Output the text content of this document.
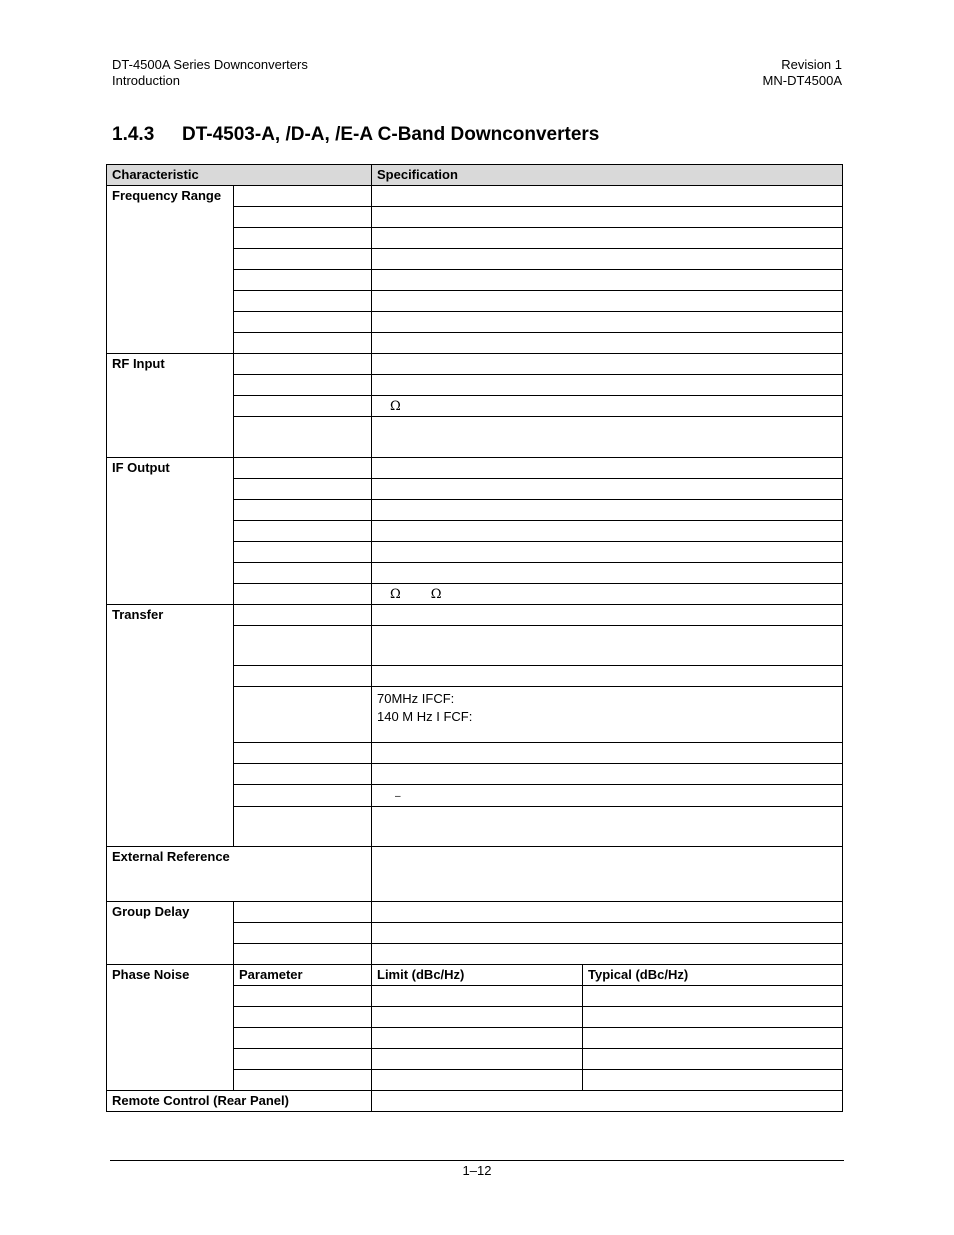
DT-4500A Series Downconverters
Introduction
Revision 1
MN-DT4500A
1.4.3 DT-4503-A, /D-A, /E-A C-Band Downconverters
Characteristic		Specification	
Frequency Range			

RF Input			

		Ω	

IF Output			

		Ω Ω	
Transfer			

		70MHz IFCF:
140 M Hz I FCF:	

		–	

External Reference			
Group Delay			

Phase Noise	Parameter	Limit (dBc/Hz)	Typical (dBc/Hz)

Remote Control (Rear Panel)			
1–12
